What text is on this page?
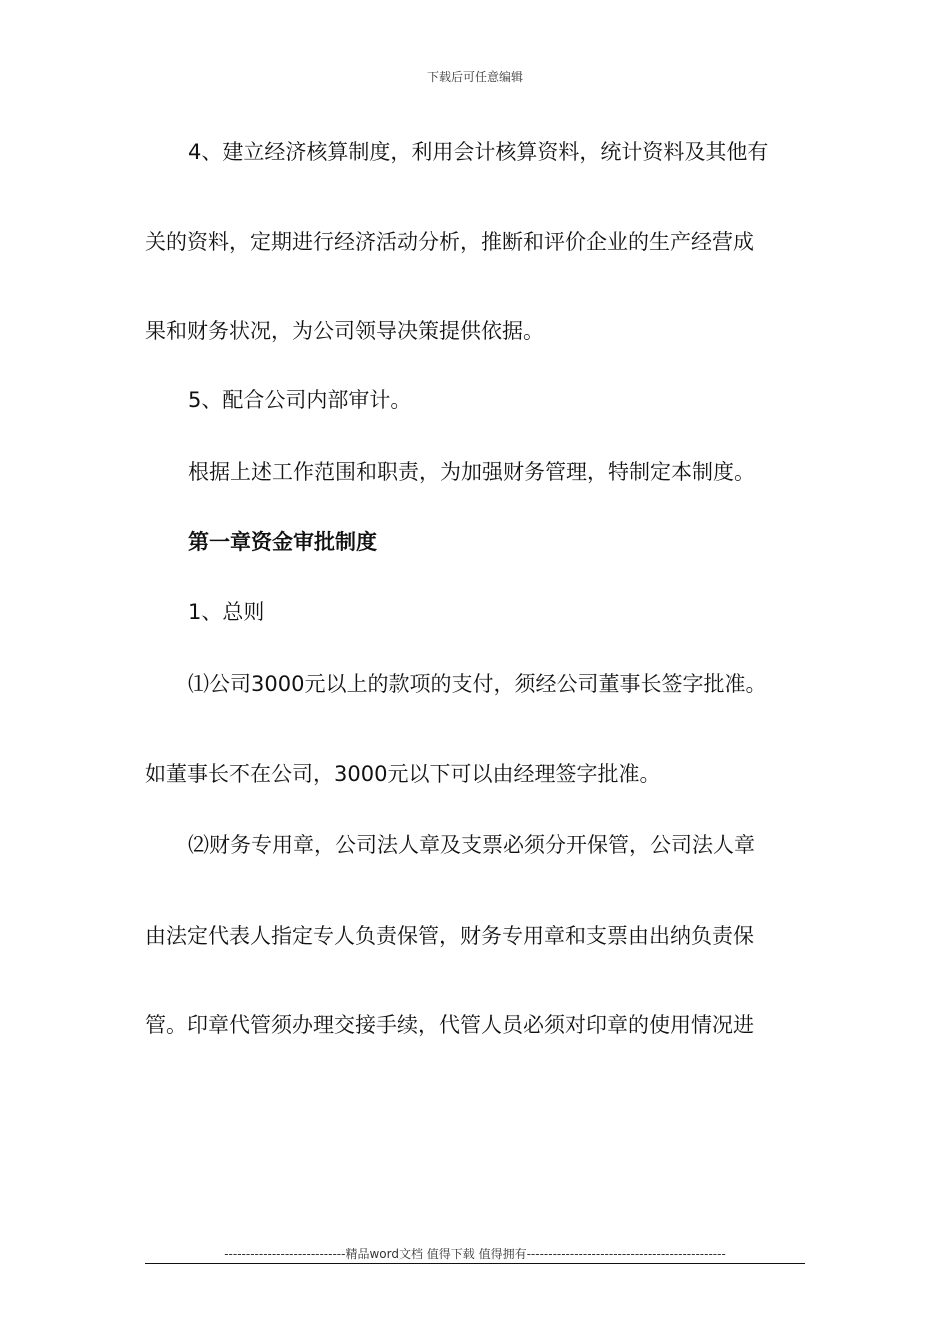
下载后可任意编辑
4、建立经济核算制度，利用会计核算资料，统计资料及其他有
关的资料，定期进行经济活动分析，推断和评价企业的生产经营成
果和财务状况，为公司领导决策提供依据。
5、配合公司内部审计。
根据上述工作范围和职责，为加强财务管理，特制定本制度。
第一章资金审批制度
1、总则
⑴公司3000元以上的款项的支付，须经公司董事长签字批准。
如董事长不在公司，3000元以下可以由经理签字批准。
⑵财务专用章，公司法人章及支票必须分开保管，公司法人章
由法定代表人指定专人负责保管，财务专用章和支票由出纳负责保
管。印章代管须办理交接手续，代管人员必须对印章的使用情况进
----------------------------精品word文档 值得下载 值得拥有----------------------------------------------
